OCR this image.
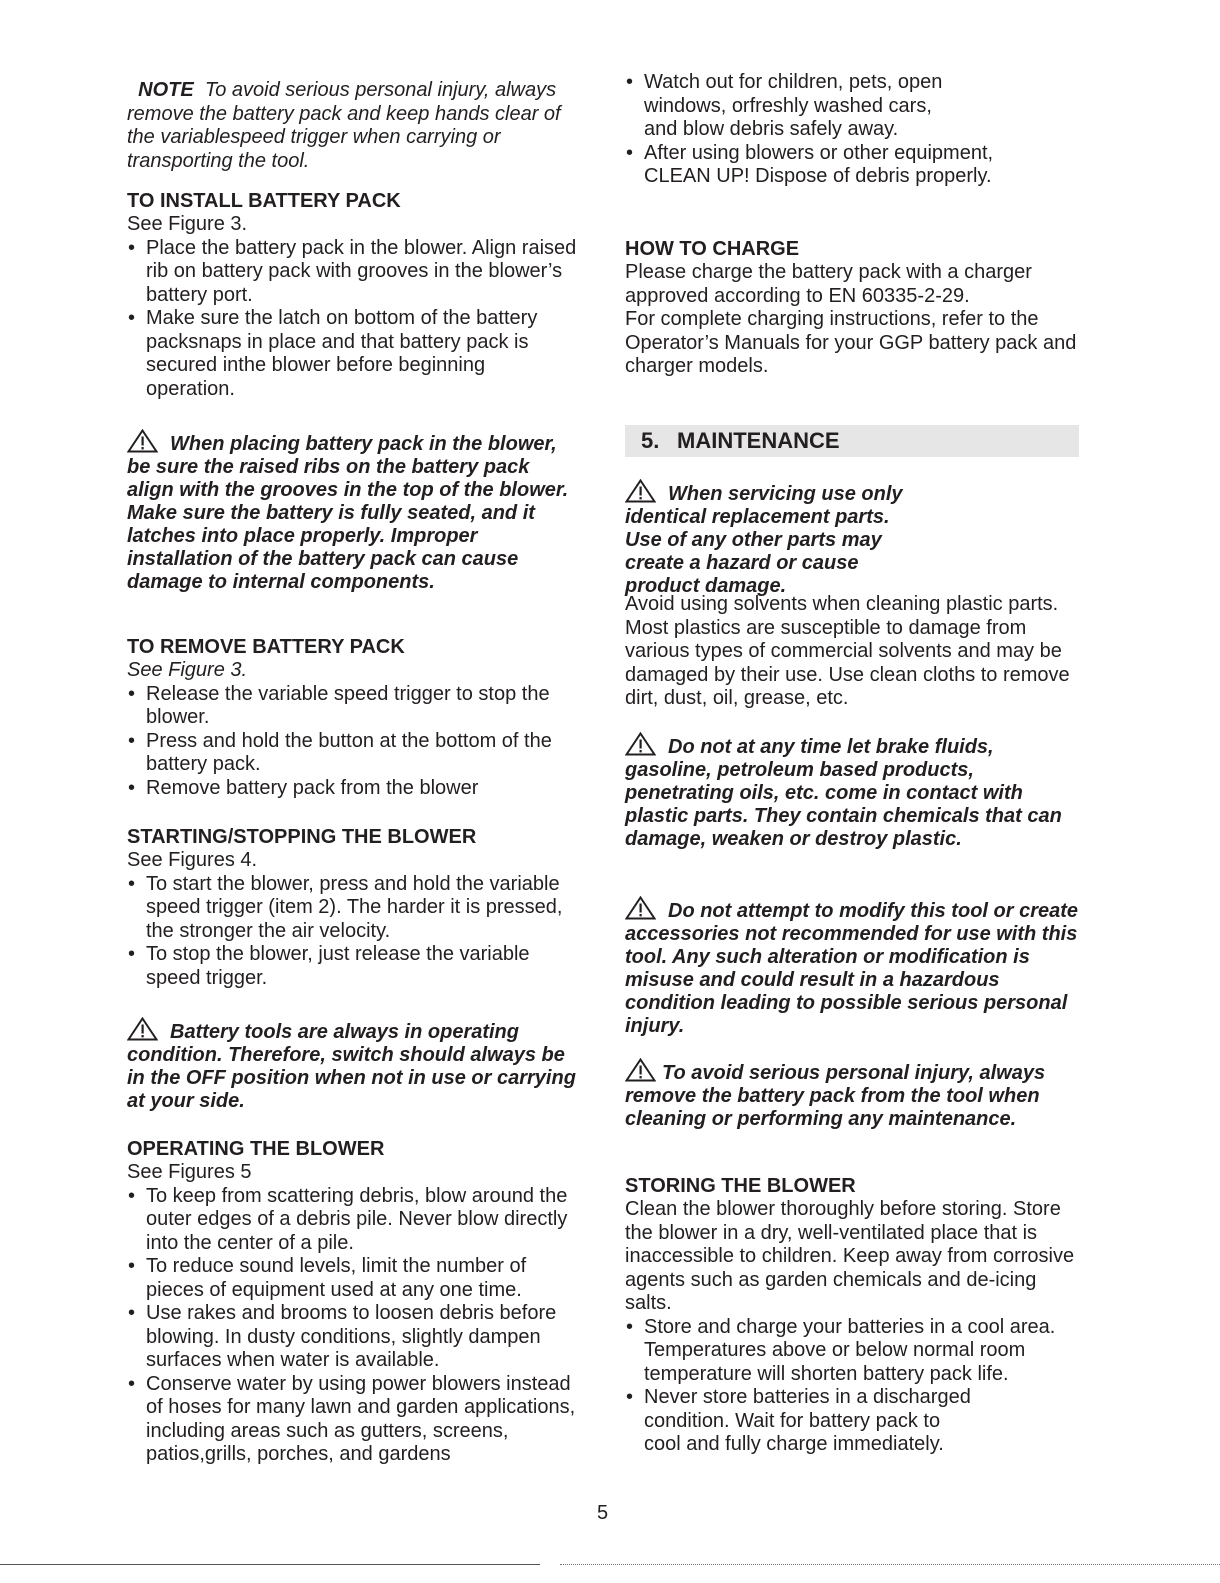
NOTE To avoid serious personal injury, always remove the battery pack and keep hands clear of the variablespeed trigger when carrying or transporting the tool.

TO INSTALL BATTERY PACK

See Figure 3.

• Place the battery pack in the blower. Align raised rib on battery pack with grooves in the blower’s battery port.
• Make sure the latch on bottom of the battery packsnaps in place and that battery pack is secured inthe blower before beginning operation.

When placing battery pack in the blower, be sure the raised ribs on the battery pack align with the grooves in the top of the blower. Make sure the battery is fully seated, and it latches into place properly. Improper installation of the battery pack can cause damage to internal components.

TO REMOVE BATTERY PACK

See Figure 3.

• Release the variable speed trigger to stop the blower.
• Press and hold the button at the bottom of the battery pack.
• Remove battery pack from the blower
STARTING/STOPPING THE BLOWER

See Figures 4.

• To start the blower, press and hold the variable speed trigger (item 2). The harder it is pressed, the stronger the air velocity.
• To stop the blower, just release the variable speed trigger.

Battery tools are always in operating condition. Therefore, switch should always be in the OFF position when not in use or carrying at your side.

OPERATING THE BLOWER

See Figures 5

• To keep from scattering debris, blow around the outer edges of a debris pile. Never blow directly into the center of a pile.
• To reduce sound levels, limit the number of pieces of equipment used at any one time.
• Use rakes and brooms to loosen debris before blowing. In dusty conditions, slightly dampen surfaces when water is available.
• Conserve water by using power blowers instead of hoses for many lawn and garden applications, including areas such as gutters, screens, patios,grills, porches, and gardens
• Watch out for children, pets, open windows, orfreshly washed cars, and blow debris safely away.
• After using blowers or other equipment, CLEAN UP! Dispose of debris properly.
HOW TO CHARGE

Please charge the battery pack with a charger approved according to EN 60335-2-29.

For complete charging instructions, refer to the Operator’s Manuals for your GGP battery pack and charger models.

5. MAINTENANCE

When servicing use only identical replacement parts. Use of any other parts may create a hazard or cause product damage.

Avoid using solvents when cleaning plastic parts. Most plastics are susceptible to damage from various types of commercial solvents and may be damaged by their use. Use clean cloths to remove dirt, dust, oil, grease, etc.

Do not at any time let brake fluids, gasoline, petroleum based products, penetrating oils, etc. come in contact with plastic parts. They contain chemicals that can damage, weaken or destroy plastic.

Do not attempt to modify this tool or create accessories not recommended for use with this tool. Any such alteration or modification is misuse and could result in a hazardous condition leading to possible serious personal injury.

To avoid serious personal injury, always remove the battery pack from the tool when cleaning or performing any maintenance.

STORING THE BLOWER

Clean the blower thoroughly before storing. Store the blower in a dry, well-ventilated place that is inaccessible to children. Keep away from corrosive agents such as garden chemicals and de-icing salts.

• Store and charge your batteries in a cool area. Temperatures above or below normal room temperature will shorten battery pack life.
• Never store batteries in a discharged condition. Wait for battery pack to cool and fully charge immediately.
5
